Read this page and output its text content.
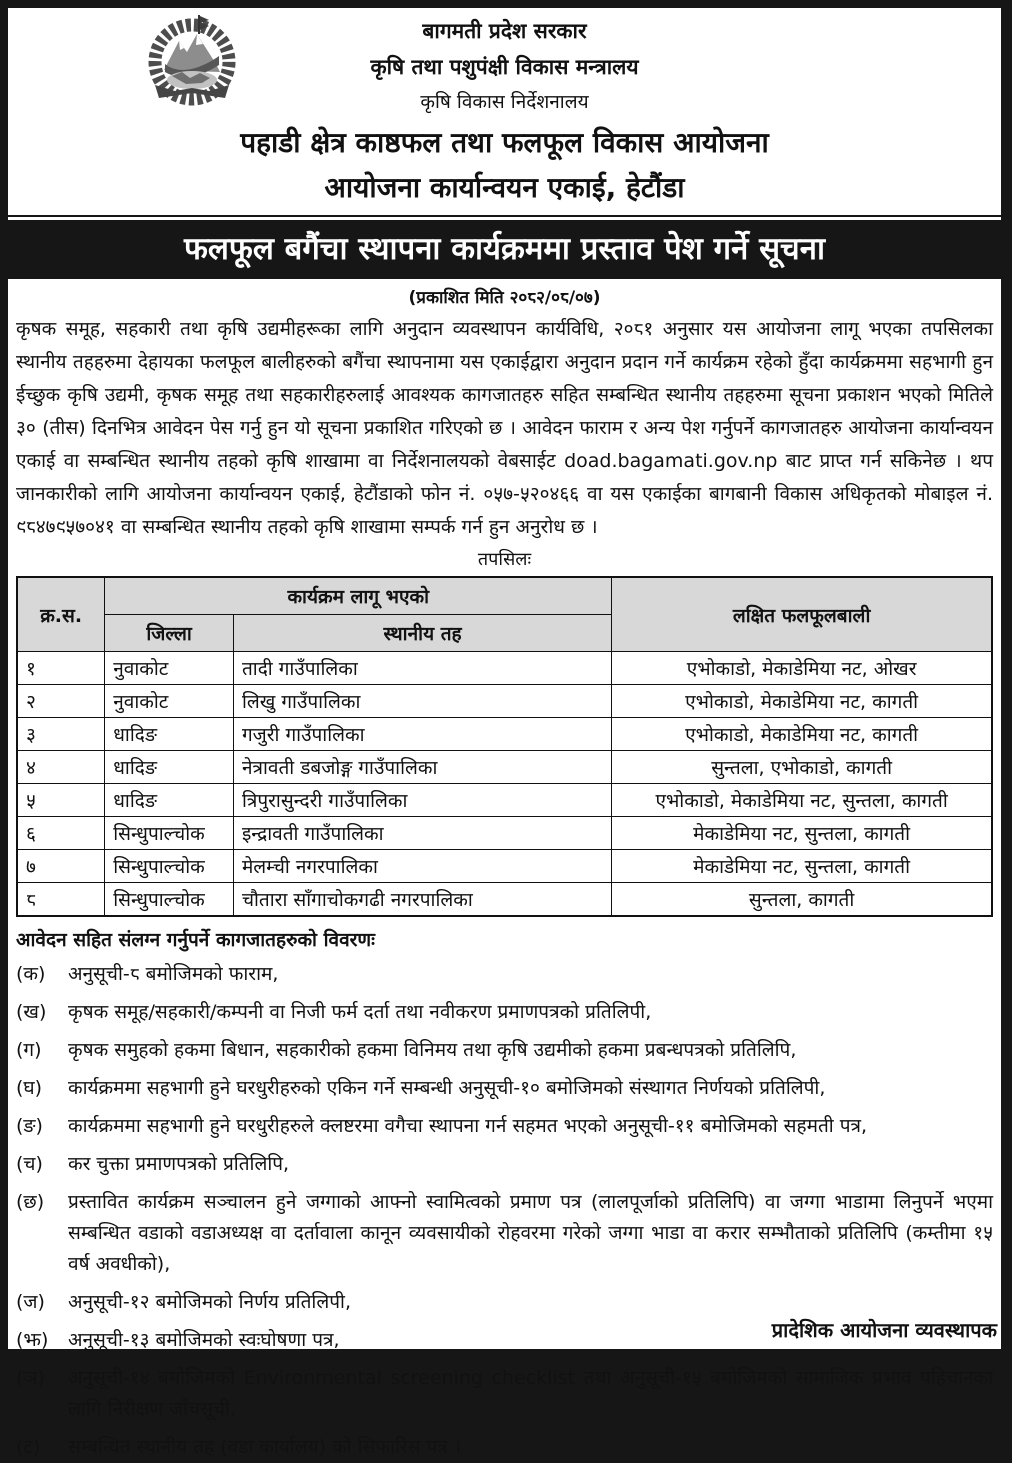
बागमती प्रदेश सरकार
कृषि तथा पशुपंक्षी विकास मन्त्रालय
कृषि विकास निर्देशनालय
पहाडी क्षेत्र काष्ठफल तथा फलफूल विकास आयोजना
आयोजना कार्यान्वयन एकाई, हेटौंडा
फलफूल बगैंचा स्थापना कार्यक्रममा प्रस्ताव पेश गर्ने सूचना
(प्रकाशित मिति २०८२/०८/०७)

कृषक समूह, सहकारी तथा कृषि उद्यमीहरूका लागि अनुदान व्यवस्थापन कार्यविधि, २०८१ अनुसार यस आयोजना लागू भएका तपसिलका स्थानीय तहहरुमा देहायका फलफूल बालीहरुको बगैंचा स्थापनामा यस एकाईद्वारा अनुदान प्रदान गर्ने कार्यक्रम रहेको हुँदा कार्यक्रममा सहभागी हुन ईच्छुक कृषि उद्यमी, कृषक समूह तथा सहकारीहरुलाई आवश्यक कागजातहरु सहित सम्बन्धित स्थानीय तहहरुमा सूचना प्रकाशन भएको मितिले ३० (तीस) दिनभित्र आवेदन पेस गर्नु हुन यो सूचना प्रकाशित गरिएको छ । आवेदन फाराम र अन्य पेश गर्नुपर्ने कागजातहरु आयोजना कार्यान्वयन एकाई वा सम्बन्धित स्थानीय तहको कृषि शाखामा वा निर्देशनालयको वेबसाईट doad.bagamati.gov.np बाट प्राप्त गर्न सकिनेछ । थप जानकारीको लागि आयोजना कार्यान्वयन एकाई, हेटौंडाको फोन नं. ०५७-५२०४६६ वा यस एकाईका बागबानी विकास अधिकृतको मोबाइल नं. ९८४७९५७०४१ वा सम्बन्धित स्थानीय तहको कृषि शाखामा सम्पर्क गर्न हुन अनुरोध छ ।

तपसिलः
क्र.स.	कार्यक्रम लागू भएको		लक्षित फलफूलबाली
	जिल्ला	स्थानीय तह	
१	नुवाकोट	तादी गाउँपालिका	एभोकाडो, मेकाडेमिया नट, ओखर
२	नुवाकोट	लिखु गाउँपालिका	एभोकाडो, मेकाडेमिया नट, कागती
३	धादिङ	गजुरी गाउँपालिका	एभोकाडो, मेकाडेमिया नट, कागती
४	धादिङ	नेत्रावती डबजोङ्ग गाउँपालिका	सुन्तला, एभोकाडो, कागती
५	धादिङ	त्रिपुरासुन्दरी गाउँपालिका	एभोकाडो, मेकाडेमिया नट, सुन्तला, कागती
६	सिन्धुपाल्चोक	इन्द्रावती गाउँपालिका	मेकाडेमिया नट, सुन्तला, कागती
७	सिन्धुपाल्चोक	मेलम्ची नगरपालिका	मेकाडेमिया नट, सुन्तला, कागती
८	सिन्धुपाल्चोक	चौतारा साँगाचोकगढी नगरपालिका	सुन्तला, कागती
आवेदन सहित संलग्न गर्नुपर्ने कागजातहरुको विवरणः
(क)	अनुसूची-८ बमोजिमको फाराम,
(ख)	कृषक समूह/सहकारी/कम्पनी वा निजी फर्म दर्ता तथा नवीकरण प्रमाणपत्रको प्रतिलिपी,
(ग)	कृषक समुहको हकमा बिधान, सहकारीको हकमा विनिमय तथा कृषि उद्यमीको हकमा प्रबन्धपत्रको प्रतिलिपि,
(घ)	कार्यक्रममा सहभागी हुने घरधुरीहरुको एकिन गर्ने सम्बन्धी अनुसूची-१० बमोजिमको संस्थागत निर्णयको प्रतिलिपी,
(ङ)	कार्यक्रममा सहभागी हुने घरधुरीहरुले क्लष्टरमा वगैचा स्थापना गर्न सहमत भएको अनुसूची-११ बमोजिमको सहमती पत्र,
(च)	कर चुक्ता प्रमाणपत्रको प्रतिलिपि,
(छ)	प्रस्तावित कार्यक्रम सञ्चालन हुने जग्गाको आफ्नो स्वामित्वको प्रमाण पत्र (लालपूर्जाको प्रतिलिपि) वा जग्गा भाडामा लिनुपर्ने भएमा सम्बन्धित वडाको वडाअध्यक्ष वा दर्तावाला कानून व्यवसायीको रोहवरमा गरेको जग्गा भाडा वा करार सम्भौताको प्रतिलिपि (कम्तीमा १५ वर्ष अवधीको),
(ज)	अनुसूची-१२ बमोजिमको निर्णय प्रतिलिपी,
(झ)	अनुसूची-१३ बमोजिमको स्वःघोषणा पत्र,
(ञ)	अनुसूची-१४ बमोजिमको Environmental screening checklist तथा अनुसूची-१५ बमोजिमको सामाजिक प्रभाव पहिचानका लागि निरीक्षण जाँचसूची,
(ट)	सम्बन्धित स्थानीय तह (वडा कार्यालय) को सिफारिस पत्र ।
प्रादेशिक आयोजना व्यवस्थापक
